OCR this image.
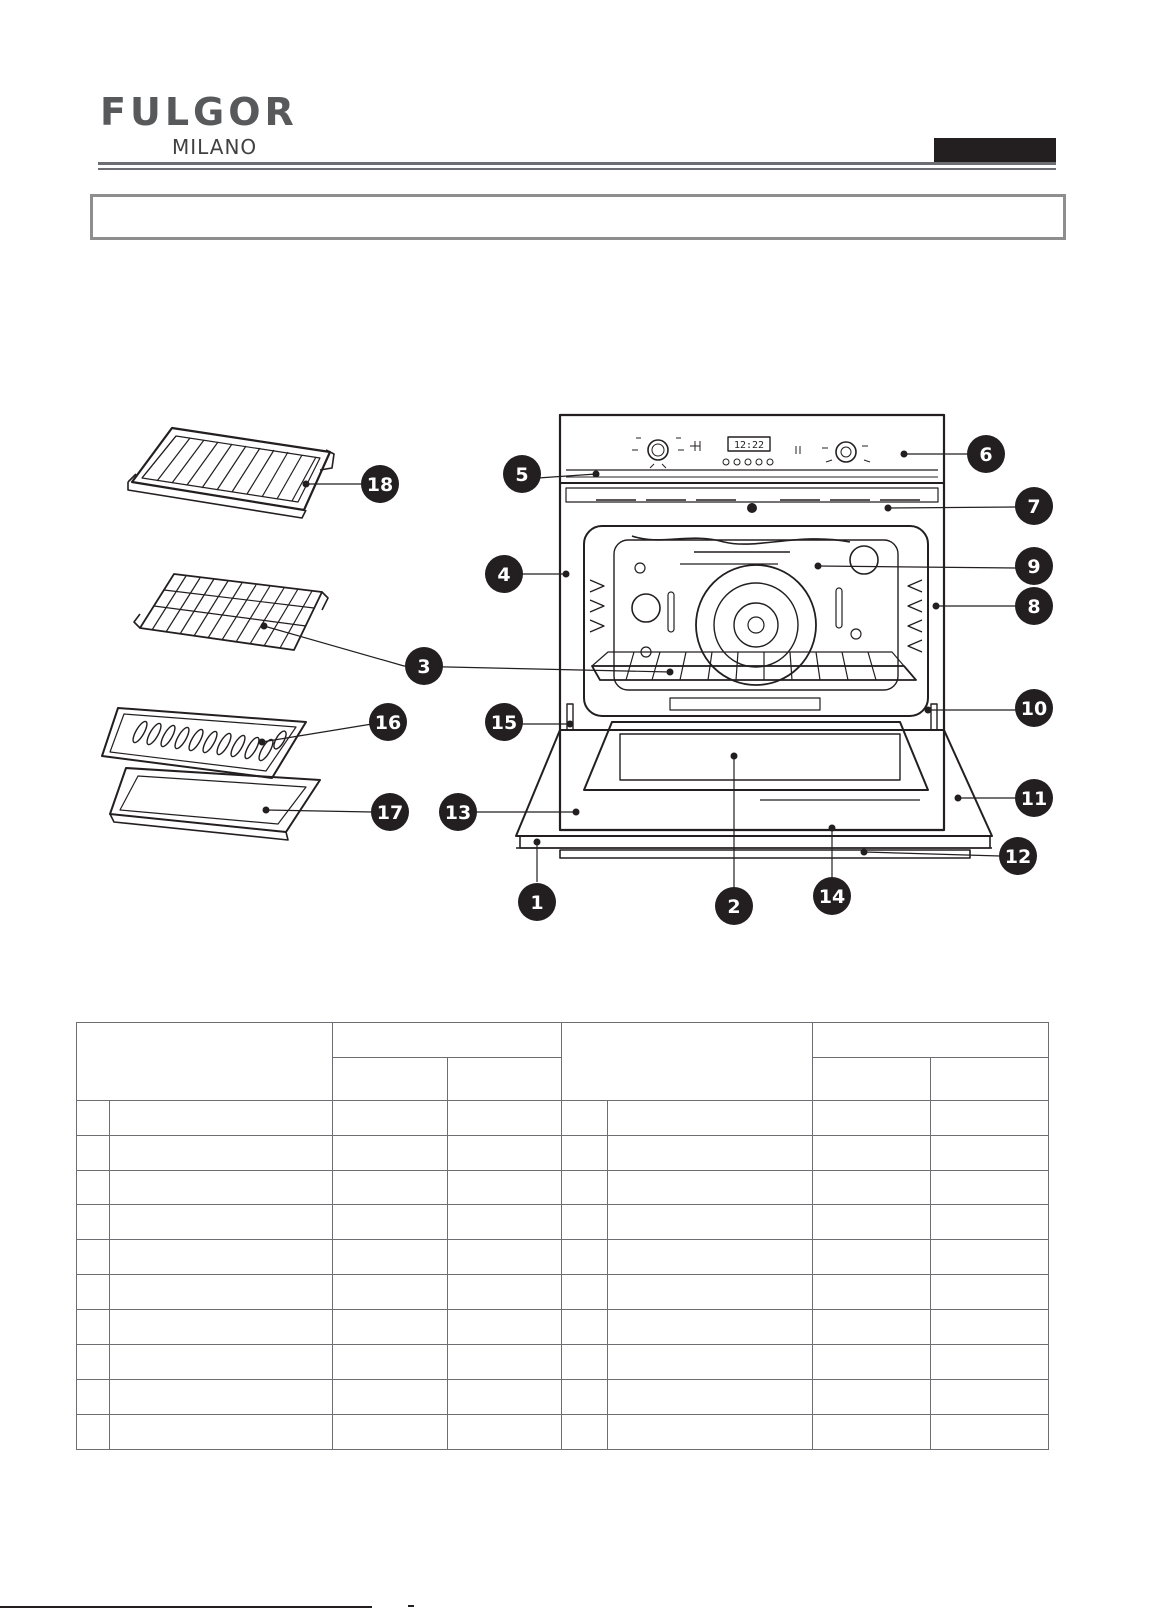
FULGOR
MILANO
12:22
1	2
3
4
5
6
7
8
9
10
11
12
13
14
15
16
17
18
